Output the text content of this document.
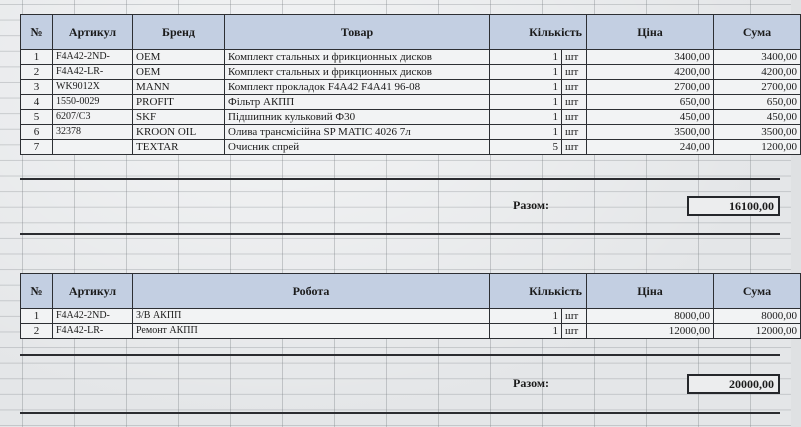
№	Артикул	Бренд	Товар	Кількість		Ціна	Сума
1	F4A42-2ND-	OEM	Комплект стальных и фрикционных дисков	1	шт	3400,00	3400,00
2	F4A42-LR-	OEM	Комплект стальных и фрикционных дисков	1	шт	4200,00	4200,00
3	WK9012X	MANN	Комплект прокладок F4A42 F4A41 96-08	1	шт	2700,00	2700,00
4	1550-0029	PROFIT	Фільтр АКПП	1	шт	650,00	650,00
5	6207/C3	SKF	Підшипник кульковий Ф30	1	шт	450,00	450,00
6	32378	KROON OIL	Олива трансмісійна SP MATIC 4026 7л	1	шт	3500,00	3500,00
7		TEXTAR	Очисник спрей	5	шт	240,00	1200,00
Разом:	16100,00
№	Артикул	Робота	Кількість		Ціна	Сума
1	F4A42-2ND-	З/В АКПП	1	шт	8000,00	8000,00
2	F4A42-LR-	Ремонт АКПП	1	шт	12000,00	12000,00
Разом:	20000,00
